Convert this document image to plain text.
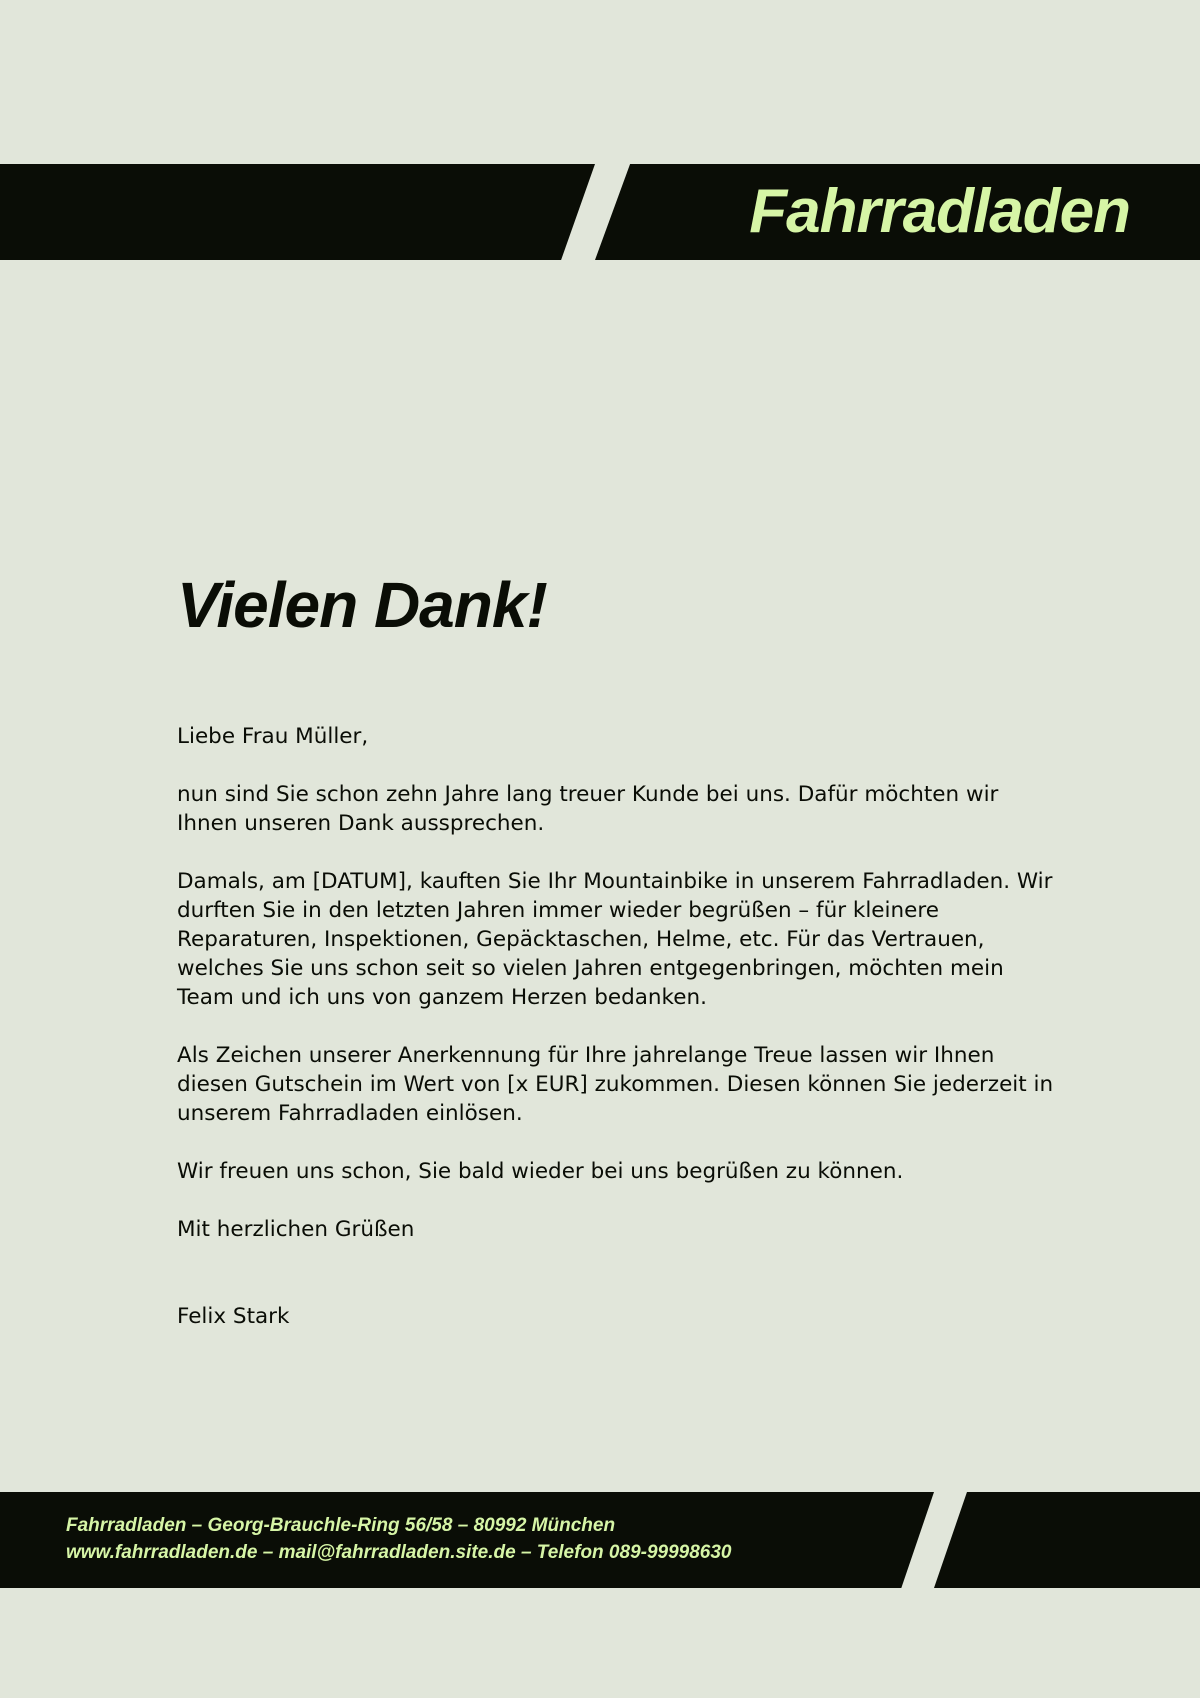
Fahrradladen
Vielen Dank!

Liebe Frau Müller,

nun sind Sie schon zehn Jahre lang treuer Kunde bei uns. Dafür möchten wir Ihnen unseren Dank aussprechen.

Damals, am [DATUM], kauften Sie Ihr Mountainbike in unserem Fahrradladen. Wir durften Sie in den letzten Jahren immer wieder begrüßen – für kleinere Reparaturen, Inspektionen, Gepäcktaschen, Helme, etc. Für das Vertrauen, welches Sie uns schon seit so vielen Jahren entgegenbringen, möchten mein Team und ich uns von ganzem Herzen bedanken.

Als Zeichen unserer Anerkennung für Ihre jahrelange Treue lassen wir Ihnen diesen Gutschein im Wert von [x EUR] zukommen. Diesen können Sie jederzeit in unserem Fahrradladen einlösen.

Wir freuen uns schon, Sie bald wieder bei uns begrüßen zu können.

Mit herzlichen Grüßen

Felix Stark

Fahrradladen – Georg-Brauchle-Ring 56/58 – 80992 München
www.fahrradladen.de – mail@fahrradladen.site.de – Telefon 089-99998630
